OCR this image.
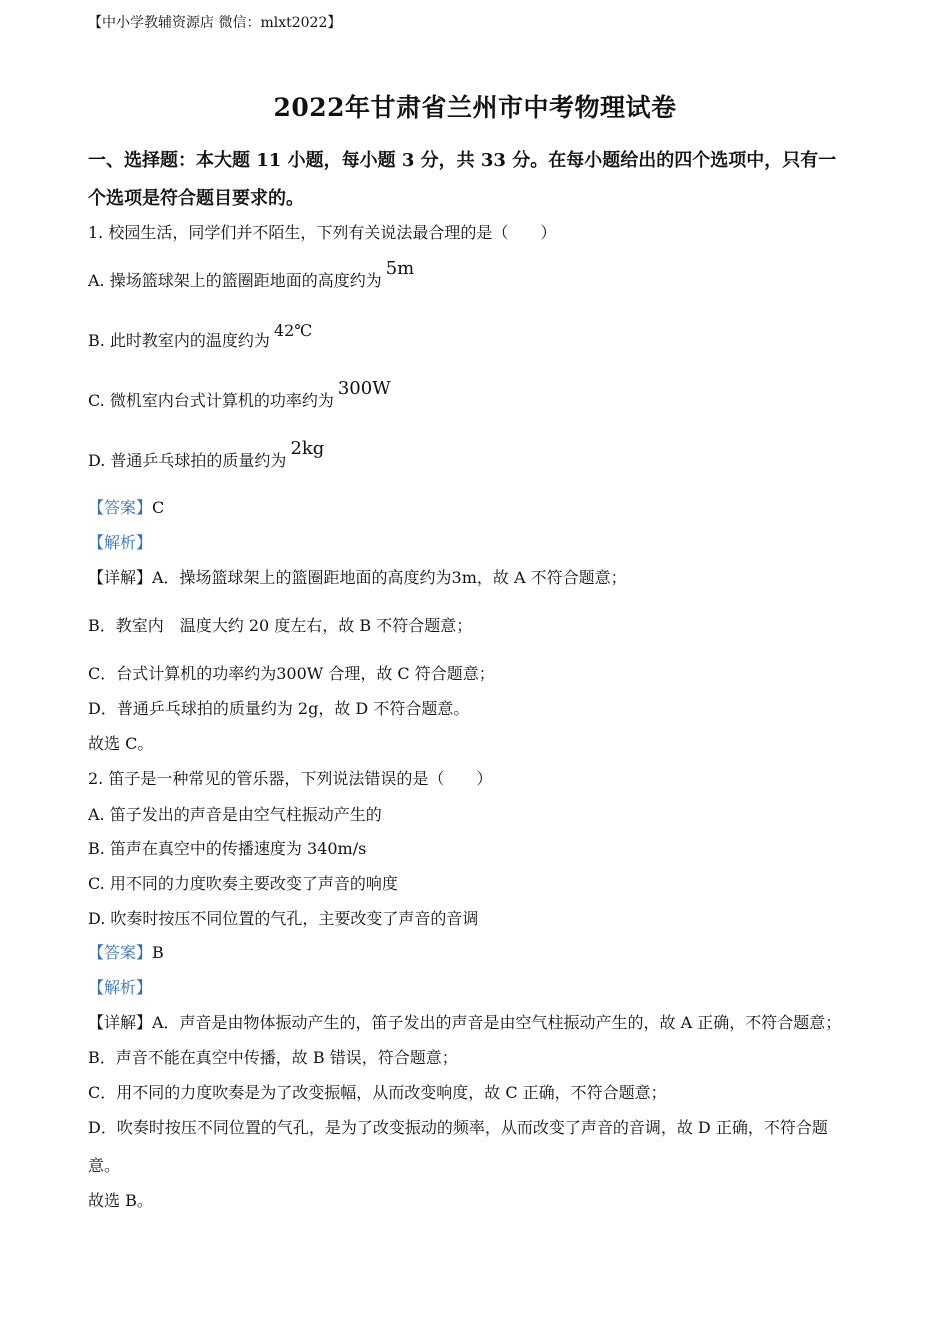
【中小学教辅资源店 微信：mlxt2022】
2022年甘肃省兰州市中考物理试卷
一、选择题：本大题 11 小题，每小题 3 分，共 33 分。在每小题给出的四个选项中，只有一
个选项是符合题目要求的。
1. 校园生活，同学们并不陌生，下列有关说法最合理的是（　　）
A. 操场篮球架上的篮圈距地面的高度约为5m
B. 此时教室内的温度约为42℃
C. 微机室内台式计算机的功率约为300W
D. 普通乒乓球拍的质量约为2kg
【答案】C
【解析】
【详解】A．操场篮球架上的篮圈距地面的高度约为3m，故 A 不符合题意；
B．教室内　温度大约 20 度左右，故 B 不符合题意；
C．台式计算机的功率约为300W 合理，故 C 符合题意；
D．普通乒乓球拍的质量约为 2g，故 D 不符合题意。
故选 C。
2. 笛子是一种常见的管乐器，下列说法错误的是（　　）
A. 笛子发出的声音是由空气柱振动产生的
B. 笛声在真空中的传播速度为 340m/s
C. 用不同的力度吹奏主要改变了声音的响度
D. 吹奏时按压不同位置的气孔，主要改变了声音的音调
【答案】B
【解析】
【详解】A．声音是由物体振动产生的，笛子发出的声音是由空气柱振动产生的，故 A 正确，不符合题意；
B．声音不能在真空中传播，故 B 错误，符合题意；
C．用不同的力度吹奏是为了改变振幅，从而改变响度，故 C 正确，不符合题意；
D．吹奏时按压不同位置的气孔，是为了改变振动的频率，从而改变了声音的音调，故 D 正确，不符合题
意。
故选 B。
